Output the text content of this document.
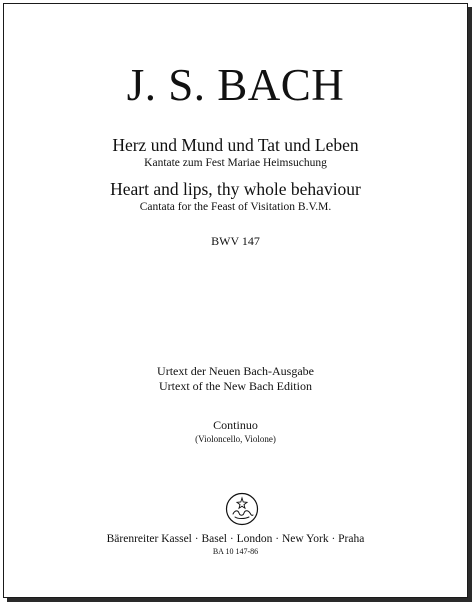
J. S. BACH
Herz und Mund und Tat und Leben
Kantate zum Fest Mariae Heimsuchung
Heart and lips, thy whole behaviour
Cantata for the Feast of Visitation B.V.M.
BWV 147
Urtext der Neuen Bach-Ausgabe
Urtext of the New Bach Edition
Continuo
(Violoncello, Violone)
Bärenreiter Kassel · Basel · London · New York · Praha
BA 10 147-86
